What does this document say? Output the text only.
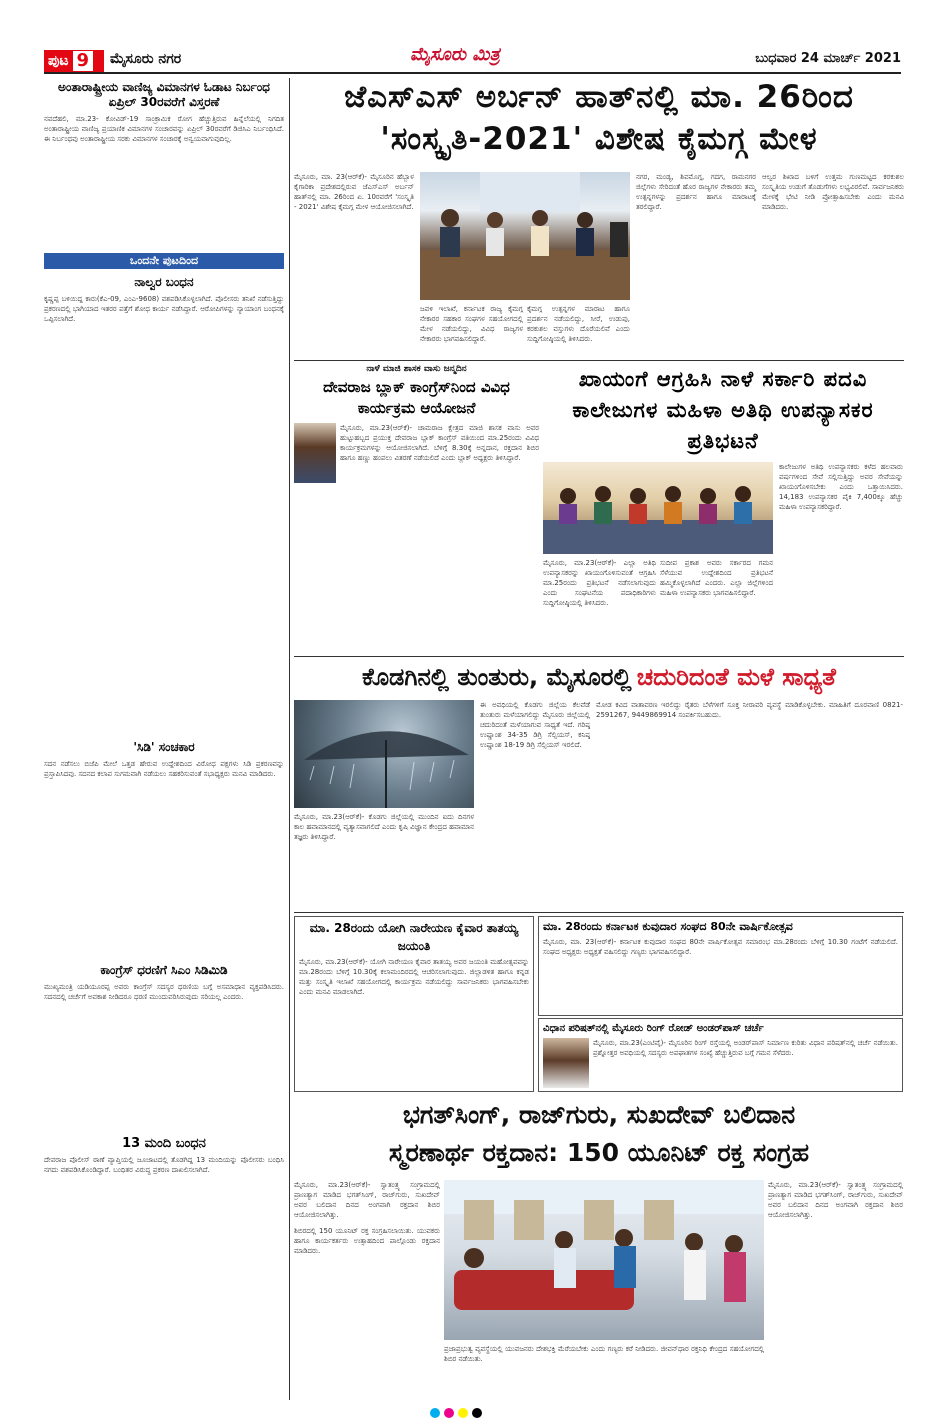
ಪುಟ 9 ಮೈಸೂರು ನಗರ	ಮೈಸೂರು ಮಿತ್ರ	ಬುಧವಾರ 24 ಮಾರ್ಚ್ 2021
ಅಂತಾರಾಷ್ಟ್ರೀಯ ವಾಣಿಜ್ಯ ವಿಮಾನಗಳ ಓಡಾಟ ನಿರ್ಬಂಧ ಏಪ್ರಿಲ್ 30ರವರೆಗೆ ವಿಸ್ತರಣೆ
ನವದೆಹಲಿ, ಮಾ.23- ಕೋವಿಡ್-19 ಸಾಂಕ್ರಾಮಿಕ ರೋಗ ಹೆಚ್ಚುತ್ತಿರುವ ಹಿನ್ನೆಲೆಯಲ್ಲಿ ನಿಗದಿತ ಅಂತಾರಾಷ್ಟ್ರೀಯ ವಾಣಿಜ್ಯ ಪ್ರಯಾಣಿಕ ವಿಮಾನಗಳ ಸಂಚಾರವನ್ನು ಏಪ್ರಿಲ್ 30ರವರೆಗೆ ಡಿಜಿಸಿಎ ನಿರ್ಬಂಧಿಸಿದೆ. ಈ ನಿರ್ಬಂಧವು ಅಂತಾರಾಷ್ಟ್ರೀಯ ಸರಕು ವಿಮಾನಗಳ ಸಂಚಾರಕ್ಕೆ ಅನ್ವಯವಾಗುವುದಿಲ್ಲ.
ಒಂದನೇ ಪುಟದಿಂದ
ನಾಲ್ವರ ಬಂಧನ
ಕೃಷ್ಣಪ್ಪ ಬಳಿಯಿದ್ದ ಕಾರು(ಕೆಎ-09, ಎಂಎ-9608) ವಶಪಡಿಸಿಕೊಳ್ಳಲಾಗಿದೆ. ಪೊಲೀಸರು ತನಿಖೆ ನಡೆಸುತ್ತಿದ್ದು ಪ್ರಕರಣದಲ್ಲಿ ಭಾಗಿಯಾದ ಇತರರ ಪತ್ತೆಗೆ ಶೋಧ ಕಾರ್ಯ ನಡೆಸಿದ್ದಾರೆ. ಆರೋಪಿಗಳನ್ನು ನ್ಯಾಯಾಂಗ ಬಂಧನಕ್ಕೆ ಒಪ್ಪಿಸಲಾಗಿದೆ.
'ಸಿಡಿ' ಸಂಚಕಾರ
ಸದನ ನಡೆಸಲು ಬಿಜೆಪಿ ಮೇಲೆ ಒತ್ತಡ ಹೇರುವ ಉದ್ದೇಶದಿಂದ ವಿರೋಧ ಪಕ್ಷಗಳು ಸಿಡಿ ಪ್ರಕರಣವನ್ನು ಪ್ರಸ್ತಾಪಿಸಿದವು. ಸದನದ ಕಲಾಪ ಸುಗಮವಾಗಿ ನಡೆಯಲು ಸಹಕರಿಸುವಂತೆ ಸಭಾಧ್ಯಕ್ಷರು ಮನವಿ ಮಾಡಿದರು.
ಕಾಂಗ್ರೆಸ್ ಧರಣಿಗೆ ಸಿಎಂ ಸಿಡಿಮಿಡಿ
ಮುಖ್ಯಮಂತ್ರಿ ಯಡಿಯೂರಪ್ಪ ಅವರು ಕಾಂಗ್ರೆಸ್ ಸದಸ್ಯರ ಧರಣಿಯ ಬಗ್ಗೆ ಅಸಮಾಧಾನ ವ್ಯಕ್ತಪಡಿಸಿದರು. ಸದನದಲ್ಲಿ ಚರ್ಚೆಗೆ ಅವಕಾಶ ನೀಡಿದರೂ ಧರಣಿ ಮುಂದುವರಿಸಿರುವುದು ಸರಿಯಲ್ಲ ಎಂದರು.
13 ಮಂದಿ ಬಂಧನ
ದೇವರಾಜ ಪೊಲೀಸ್ ಠಾಣೆ ವ್ಯಾಪ್ತಿಯಲ್ಲಿ ಜೂಜಾಟದಲ್ಲಿ ತೊಡಗಿದ್ದ 13 ಮಂದಿಯನ್ನು ಪೊಲೀಸರು ಬಂಧಿಸಿ ನಗದು ವಶಪಡಿಸಿಕೊಂಡಿದ್ದಾರೆ. ಬಂಧಿತರ ವಿರುದ್ಧ ಪ್ರಕರಣ ದಾಖಲಿಸಲಾಗಿದೆ.
ಜೆಎಸ್ಎಸ್ ಅರ್ಬನ್ ಹಾತ್‌ನಲ್ಲಿ ಮಾ. 26ರಿಂದ
'ಸಂಸ್ಕೃತಿ-2021' ವಿಶೇಷ ಕೈಮಗ್ಗ ಮೇಳ
ಮೈಸೂರು, ಮಾ. 23(ಆರ್‌ಕೆ)- ಮೈಸೂರಿನ ಹೆಬ್ಬಾಳ ಕೈಗಾರಿಕಾ ಪ್ರದೇಶದಲ್ಲಿರುವ ಜೆಎಸ್‌ಎಸ್ ಅರ್ಬನ್ ಹಾತ್‌ನಲ್ಲಿ ಮಾ. 26ರಿಂದ ಏ. 10ರವರೆಗೆ 'ಸಂಸ್ಕೃತಿ - 2021' ವಿಶೇಷ ಕೈಮಗ್ಗ ಮೇಳ ಆಯೋಜಿಸಲಾಗಿದೆ.
ನಗರ, ಮಂಡ್ಯ, ಶಿವಮೊಗ್ಗ, ಗದಗ, ರಾಮನಗರ ಜಿಲ್ಲೆಗಳು ಸೇರಿದಂತೆ ಹೊರ ರಾಜ್ಯಗಳ ನೇಕಾರರು ತಮ್ಮ ಉತ್ಪನ್ನಗಳನ್ನು ಪ್ರದರ್ಶನ ಹಾಗೂ ಮಾರಾಟಕ್ಕೆ ತರಲಿದ್ದಾರೆ.
ಆಲ್ವರ ಶಿಖಾದ ಬಳಿಗೆ ಉತ್ತಮ ಗುಣಮಟ್ಟದ ಕರಕುಶಲ ಸಂಸ್ಕೃತಿಯ ಉಡುಗೆ ತೊಡುಗೆಗಳು ಲಭ್ಯವಿರಲಿವೆ. ಸಾರ್ವಜನಿಕರು ಮೇಳಕ್ಕೆ ಭೇಟಿ ನೀಡಿ ಪ್ರೋತ್ಸಾಹಿಸಬೇಕು ಎಂದು ಮನವಿ ಮಾಡಿದರು.
ಜವಳಿ ಇಲಾಖೆ, ಕರ್ನಾಟಕ ರಾಜ್ಯ ಕೈಮಗ್ಗ ನೇಕಾರರ ಸಹಕಾರ ಸಂಘಗಳ ಸಹಯೋಗದಲ್ಲಿ ಮೇಳ ನಡೆಯಲಿದ್ದು, ವಿವಿಧ ರಾಜ್ಯಗಳ ನೇಕಾರರು ಭಾಗವಹಿಸಲಿದ್ದಾರೆ.
ಕೈಮಗ್ಗ ಉತ್ಪನ್ನಗಳ ಮಾರಾಟ ಹಾಗೂ ಪ್ರದರ್ಶನ ನಡೆಯಲಿದ್ದು, ಸೀರೆ, ಉಡುಪು, ಕರಕುಶಲ ವಸ್ತುಗಳು ದೊರೆಯಲಿವೆ ಎಂದು ಸುದ್ದಿಗೋಷ್ಠಿಯಲ್ಲಿ ತಿಳಿಸಿದರು.
ನಾಳೆ ಮಾಜಿ ಶಾಸಕ ವಾಸು ಜನ್ಮದಿನ
ದೇವರಾಜ ಬ್ಲಾಕ್ ಕಾಂಗ್ರೆಸ್‌ನಿಂದ ವಿವಿಧ ಕಾರ್ಯಕ್ರಮ ಆಯೋಜನೆ
ಮೈಸೂರು, ಮಾ.23(ಆರ್‌ಕೆ)- ಚಾಮರಾಜ ಕ್ಷೇತ್ರದ ಮಾಜಿ ಶಾಸಕ ವಾಸು ಅವರ ಹುಟ್ಟುಹಬ್ಬದ ಪ್ರಯುಕ್ತ ದೇವರಾಜ ಬ್ಲಾಕ್ ಕಾಂಗ್ರೆಸ್ ವತಿಯಿಂದ ಮಾ.25ರಂದು ವಿವಿಧ ಕಾರ್ಯಕ್ರಮಗಳನ್ನು ಆಯೋಜಿಸಲಾಗಿದೆ. ಬೆಳಿಗ್ಗೆ 8.30ಕ್ಕೆ ಅನ್ನದಾನ, ರಕ್ತದಾನ ಶಿಬಿರ ಹಾಗೂ ಹಣ್ಣು ಹಂಪಲು ವಿತರಣೆ ನಡೆಯಲಿದೆ ಎಂದು ಬ್ಲಾಕ್ ಅಧ್ಯಕ್ಷರು ತಿಳಿಸಿದ್ದಾರೆ.
ಖಾಯಂಗೆ ಆಗ್ರಹಿಸಿ ನಾಳೆ ಸರ್ಕಾರಿ ಪದವಿ ಕಾಲೇಜುಗಳ ಮಹಿಳಾ ಅತಿಥಿ ಉಪನ್ಯಾಸಕರ ಪ್ರತಿಭಟನೆ
ಕಾಲೇಜುಗಳ ಅತಿಥಿ ಉಪನ್ಯಾಸಕರು ಕಳೆದ ಹಲವಾರು ವರ್ಷಗಳಿಂದ ಸೇವೆ ಸಲ್ಲಿಸುತ್ತಿದ್ದು ಅವರ ಸೇವೆಯನ್ನು ಖಾಯಂಗೊಳಿಸಬೇಕು ಎಂದು ಒತ್ತಾಯಿಸಿದರು. 14,183 ಉಪನ್ಯಾಸಕರ ಪೈಕಿ 7,400ಕ್ಕೂ ಹೆಚ್ಚು ಮಹಿಳಾ ಉಪನ್ಯಾಸಕರಿದ್ದಾರೆ.
ಮೈಸೂರು, ಮಾ.23(ಆರ್‌ಕೆ)- ಎಲ್ಲಾ ಅತಿಥಿ ಉಪನ್ಯಾಸಕರನ್ನು ಖಾಯಂಗೊಳಿಸುವಂತೆ ಆಗ್ರಹಿಸಿ ಮಾ.25ರಂದು ಪ್ರತಿಭಟನೆ ನಡೆಸಲಾಗುವುದು ಎಂದು ಸಂಘಟನೆಯ ಪದಾಧಿಕಾರಿಗಳು ಸುದ್ದಿಗೋಷ್ಠಿಯಲ್ಲಿ ತಿಳಿಸಿದರು.
ಸುದೀಪ ಪ್ರಕಾಶ ಅವರು ಸರ್ಕಾರದ ಗಮನ ಸೆಳೆಯುವ ಉದ್ದೇಶದಿಂದ ಪ್ರತಿಭಟನೆ ಹಮ್ಮಿಕೊಳ್ಳಲಾಗಿದೆ ಎಂದರು. ಎಲ್ಲಾ ಜಿಲ್ಲೆಗಳಿಂದ ಮಹಿಳಾ ಉಪನ್ಯಾಸಕರು ಭಾಗವಹಿಸಲಿದ್ದಾರೆ.
ಕೊಡಗಿನಲ್ಲಿ ತುಂತುರು, ಮೈಸೂರಲ್ಲಿ ಚದುರಿದಂತೆ ಮಳೆ ಸಾಧ್ಯತೆ
ಈ ಅವಧಿಯಲ್ಲಿ ಕೊಡಗು ಜಿಲ್ಲೆಯ ಕೆಲವೆಡೆ ತುಂತುರು ಮಳೆಯಾಗಲಿದ್ದು ಮೈಸೂರು ಜಿಲ್ಲೆಯಲ್ಲಿ ಚದುರಿದಂತೆ ಮಳೆಯಾಗುವ ಸಾಧ್ಯತೆ ಇದೆ. ಗರಿಷ್ಠ ಉಷ್ಣಾಂಶ 34-35 ಡಿಗ್ರಿ ಸೆಲ್ಸಿಯಸ್, ಕನಿಷ್ಠ ಉಷ್ಣಾಂಶ 18-19 ಡಿಗ್ರಿ ಸೆಲ್ಸಿಯಸ್ ಇರಲಿದೆ.
ಮೈಸೂರು, ಮಾ.23(ಆರ್‌ಕೆ)- ಕೊಡಗು ಜಿಲ್ಲೆಯಲ್ಲಿ ಮುಂದಿನ ಐದು ದಿನಗಳ ಕಾಲ ಹವಾಮಾನದಲ್ಲಿ ವ್ಯತ್ಯಾಸವಾಗಲಿದೆ ಎಂದು ಕೃಷಿ ವಿಜ್ಞಾನ ಕೇಂದ್ರದ ಹವಾಮಾನ ತಜ್ಞರು ತಿಳಿಸಿದ್ದಾರೆ.
ಮೋಡ ಕವಿದ ವಾತಾವರಣ ಇರಲಿದ್ದು ರೈತರು ಬೆಳೆಗಳಿಗೆ ಸೂಕ್ತ ನೀರಾವರಿ ವ್ಯವಸ್ಥೆ ಮಾಡಿಕೊಳ್ಳಬೇಕು. ಮಾಹಿತಿಗೆ ದೂರವಾಣಿ 0821-2591267, 9449869914 ಸಂಪರ್ಕಿಸಬಹುದು.
ಮಾ. 28ರಂದು ಯೋಗಿ ನಾರೇಯಣ ಕೈವಾರ ತಾತಯ್ಯ ಜಯಂತಿ
ಮೈಸೂರು, ಮಾ.23(ಆರ್‌ಕೆ)- ಯೋಗಿ ನಾರೇಯಣ ಕೈವಾರ ತಾತಯ್ಯ ಅವರ ಜಯಂತಿ ಮಹೋತ್ಸವವನ್ನು ಮಾ.28ರಂದು ಬೆಳಿಗ್ಗೆ 10.30ಕ್ಕೆ ಕಲಾಮಂದಿರದಲ್ಲಿ ಆಚರಿಸಲಾಗುವುದು. ಜಿಲ್ಲಾಡಳಿತ ಹಾಗೂ ಕನ್ನಡ ಮತ್ತು ಸಂಸ್ಕೃತಿ ಇಲಾಖೆ ಸಹಯೋಗದಲ್ಲಿ ಕಾರ್ಯಕ್ರಮ ನಡೆಯಲಿದ್ದು ಸಾರ್ವಜನಿಕರು ಭಾಗವಹಿಸಬೇಕು ಎಂದು ಮನವಿ ಮಾಡಲಾಗಿದೆ.
ಮಾ. 28ರಂದು ಕರ್ನಾಟಕ ಕುವುದಾರ ಸಂಘದ 80ನೇ ವಾರ್ಷಿಕೋತ್ಸವ
ಮೈಸೂರು, ಮಾ. 23(ಆರ್‌ಕೆ)- ಕರ್ನಾಟಕ ಕುವುದಾರ ಸಂಘದ 80ನೇ ವಾರ್ಷಿಕೋತ್ಸವ ಸಮಾರಂಭ ಮಾ.28ರಂದು ಬೆಳಿಗ್ಗೆ 10.30 ಗಂಟೆಗೆ ನಡೆಯಲಿದೆ. ಸಂಘದ ಅಧ್ಯಕ್ಷರು ಅಧ್ಯಕ್ಷತೆ ವಹಿಸಲಿದ್ದು ಗಣ್ಯರು ಭಾಗವಹಿಸಲಿದ್ದಾರೆ.
ವಿಧಾನ ಪರಿಷತ್‌ನಲ್ಲಿ ಮೈಸೂರು ರಿಂಗ್ ರೋಡ್ ಅಂಡರ್‌ಪಾಸ್ ಚರ್ಚೆ
ಮೈಸೂರು, ಮಾ.23(ಎಂಟಿವೈ)- ಮೈಸೂರಿನ ರಿಂಗ್ ರಸ್ತೆಯಲ್ಲಿ ಅಂಡರ್‌ಪಾಸ್ ನಿರ್ಮಾಣ ಕುರಿತು ವಿಧಾನ ಪರಿಷತ್‌ನಲ್ಲಿ ಚರ್ಚೆ ನಡೆಯಿತು. ಪ್ರಶ್ನೋತ್ತರ ಅವಧಿಯಲ್ಲಿ ಸದಸ್ಯರು ಅಪಘಾತಗಳ ಸಂಖ್ಯೆ ಹೆಚ್ಚುತ್ತಿರುವ ಬಗ್ಗೆ ಗಮನ ಸೆಳೆದರು.
ಭಗತ್‌ಸಿಂಗ್, ರಾಜ್‌ಗುರು, ಸುಖದೇವ್ ಬಲಿದಾನ
ಸ್ಮರಣಾರ್ಥ ರಕ್ತದಾನ: 150 ಯೂನಿಟ್ ರಕ್ತ ಸಂಗ್ರಹ
ಮೈಸೂರು, ಮಾ.23(ಆರ್‌ಕೆ)- ಸ್ವಾತಂತ್ರ್ಯ ಸಂಗ್ರಾಮದಲ್ಲಿ ಪ್ರಾಣತ್ಯಾಗ ಮಾಡಿದ ಭಗತ್‌ಸಿಂಗ್, ರಾಜ್‌ಗುರು, ಸುಖದೇವ್ ಅವರ ಬಲಿದಾನ ದಿನದ ಅಂಗವಾಗಿ ರಕ್ತದಾನ ಶಿಬಿರ ಆಯೋಜಿಸಲಾಗಿತ್ತು.
ಶಿಬಿರದಲ್ಲಿ 150 ಯೂನಿಟ್ ರಕ್ತ ಸಂಗ್ರಹಿಸಲಾಯಿತು. ಯುವಕರು ಹಾಗೂ ಕಾರ್ಯಕರ್ತರು ಉತ್ಸಾಹದಿಂದ ಪಾಲ್ಗೊಂಡು ರಕ್ತದಾನ ಮಾಡಿದರು.
ಪ್ರಜಾಪ್ರಭುತ್ವ ವ್ಯವಸ್ಥೆಯಲ್ಲಿ ಯುವಜನರು ದೇಶಭಕ್ತಿ ಮೆರೆಯಬೇಕು ಎಂದು ಗಣ್ಯರು ಕರೆ ನೀಡಿದರು. ಜೀವನ್‌ಧಾರ ರಕ್ತನಿಧಿ ಕೇಂದ್ರದ ಸಹಯೋಗದಲ್ಲಿ ಶಿಬಿರ ನಡೆಯಿತು.
ಮೈಸೂರು, ಮಾ.23(ಆರ್‌ಕೆ)- ಸ್ವಾತಂತ್ರ್ಯ ಸಂಗ್ರಾಮದಲ್ಲಿ ಪ್ರಾಣತ್ಯಾಗ ಮಾಡಿದ ಭಗತ್‌ಸಿಂಗ್, ರಾಜ್‌ಗುರು, ಸುಖದೇವ್ ಅವರ ಬಲಿದಾನ ದಿನದ ಅಂಗವಾಗಿ ರಕ್ತದಾನ ಶಿಬಿರ ಆಯೋಜಿಸಲಾಗಿತ್ತು.
